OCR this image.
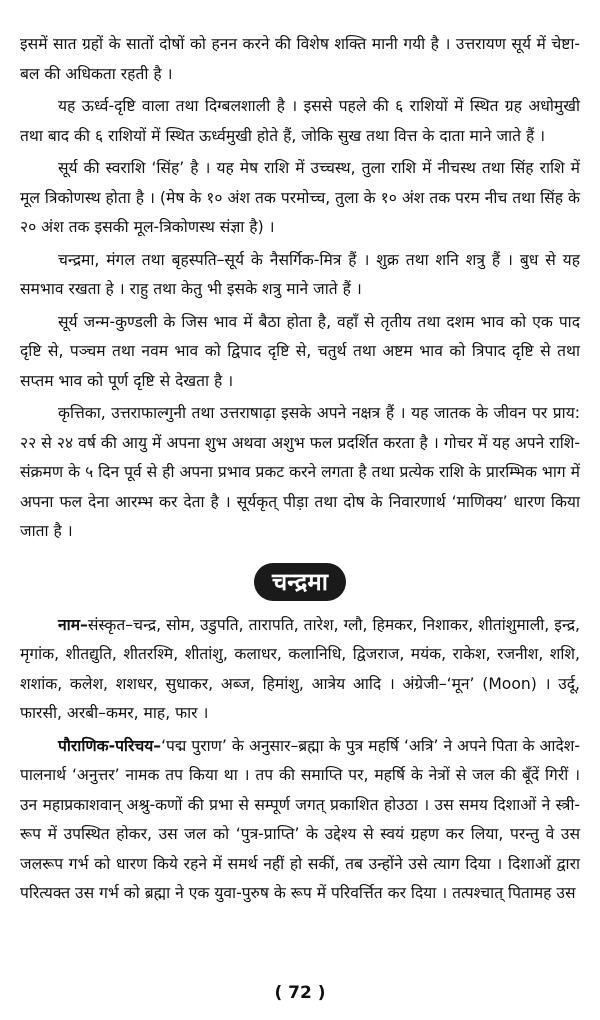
इसमें सात ग्रहों के सातों दोषों को हनन करने की विशेष शक्ति मानी गयी है । उत्तरायण सूर्य में चेष्टा-बल की अधिकता रहती है ।

यह ऊर्ध्व-दृष्टि वाला तथा दिग्बलशाली है । इससे पहले की ६ राशियों में स्थित ग्रह अधोमुखी तथा बाद की ६ राशियों में स्थित ऊर्ध्वमुखी होते हैं, जोकि सुख तथा वित्त के दाता माने जाते हैं ।

सूर्य की स्वराशि ‘सिंह’ है । यह मेष राशि में उच्चस्थ, तुला राशि में नीचस्थ तथा सिंह राशि में मूल त्रिकोणस्थ होता है । (मेष के १० अंश तक परमोच्च, तुला के १० अंश तक परम नीच तथा सिंह के २० अंश तक इसकी मूल-त्रिकोणस्थ संज्ञा है) ।

चन्द्रमा, मंगल तथा बृहस्पति–सूर्य के नैसर्गिक-मित्र हैं । शुक्र तथा शनि शत्रु हैं । बुध से यह समभाव रखता हे । राहु तथा केतु भी इसके शत्रु माने जाते हैं ।

सूर्य जन्म-कुण्डली के जिस भाव में बैठा होता है, वहाँ से तृतीय तथा दशम भाव को एक पाद दृष्टि से, पञ्चम तथा नवम भाव को द्विपाद दृष्टि से, चतुर्थ तथा अष्टम भाव को त्रिपाद दृष्टि से तथा सप्तम भाव को पूर्ण दृष्टि से देखता है ।

कृत्तिका, उत्तराफाल्गुनी तथा उत्तराषाढ़ा इसके अपने नक्षत्र हैं । यह जातक के जीवन पर प्राय: २२ से २४ वर्ष की आयु में अपना शुभ अथवा अशुभ फल प्रदर्शित करता है । गोचर में यह अपने राशि-संक्रमण के ५ दिन पूर्व से ही अपना प्रभाव प्रकट करने लगता है तथा प्रत्येक राशि के प्रारम्भिक भाग में अपना फल देना आरम्भ कर देता है । सूर्यकृत् पीड़ा तथा दोष के निवारणार्थ ‘माणिक्य’ धारण किया जाता है ।

चन्द्रमा

नाम–संस्कृत–चन्द्र, सोम, उडुपति, तारापति, तारेश, ग्लौ, हिमकर, निशाकर, शीतांशुमाली, इन्द्र, मृगांक, शीतद्युति, शीतरश्मि, शीतांशु, कलाधर, कलानिधि, द्विजराज, मयंक, राकेश, रजनीश, शशि, शशांक, कलेश, शशधर, सुधाकर, अब्ज, हिमांशु, आत्रेय आदि । अंग्रेजी–‘मून’ (Moon) । उर्दू, फारसी, अरबी–कमर, माह, फार ।

पौराणिक-परिचय–‘पद्म पुराण’ के अनुसार–ब्रह्मा के पुत्र महर्षि ‘अत्रि’ ने अपने पिता के आदेश-पालनार्थ ‘अनुत्तर’ नामक तप किया था । तप की समाप्ति पर, महर्षि के नेत्रों से जल की बूँदें गिरीं । उन महाप्रकाशवान् अश्रु-कणों की प्रभा से सम्पूर्ण जगत् प्रकाशित होउठा । उस समय दिशाओं ने स्त्री-रूप में उपस्थित होकर, उस जल को ‘पुत्र-प्राप्ति’ के उद्देश्य से स्वयं ग्रहण कर लिया, परन्तु वे उस जलरूप गर्भ को धारण किये रहने में समर्थ नहीं हो सकीं, तब उन्होंने उसे त्याग दिया । दिशाओं द्वारा परित्यक्त उस गर्भ को ब्रह्मा ने एक युवा-पुरुष के रूप में परिवर्त्तित कर दिया । तत्पश्चात् पितामह उस

( 72 )
